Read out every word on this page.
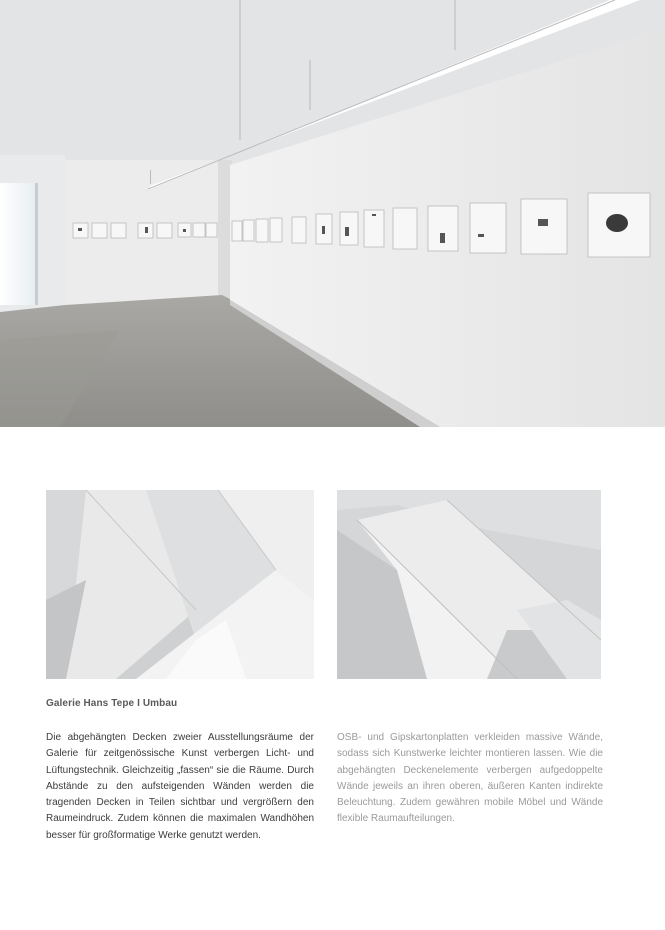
Galerie Hans Tepe I Umbau
Die abgehängten Decken zweier Ausstellungsräume der Galerie für zeitgenössische Kunst verbergen Licht- und Lüftungstechnik. Gleichzeitig „fassen“ sie die Räume. Durch Abstände zu den aufsteigenden Wänden werden die tragenden Decken in Teilen sichtbar und vergrößern den Raumeindruck. Zudem können die maximalen Wandhöhen besser für großformatige Werke genutzt werden.
OSB- und Gipskartonplatten verkleiden massive Wände, sodass sich Kunstwerke leichter montieren lassen. Wie die abgehängten Deckenelemente verbergen aufgedoppelte Wände jeweils an ihren oberen, äußeren Kanten indirekte Beleuchtung. Zudem gewähren mobile Möbel und Wände flexible Raumaufteilungen.
